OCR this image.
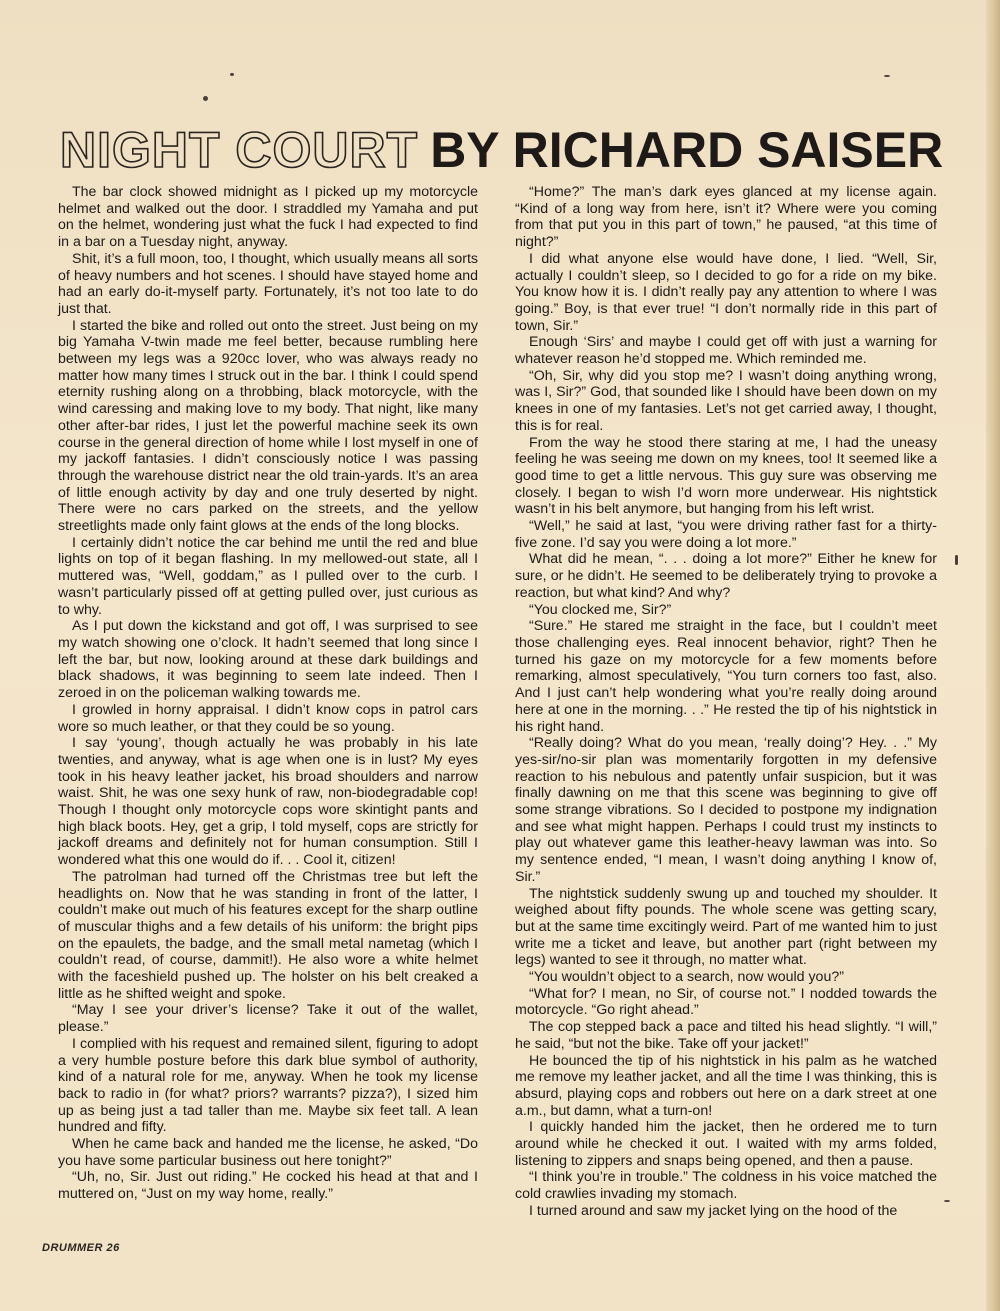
NIGHT COURT BY RICHARD SAISER

The bar clock showed midnight as I picked up my motorcycle helmet and walked out the door. I straddled my Yamaha and put on the helmet, wondering just what the fuck I had expected to find in a bar on a Tuesday night, anyway.

Shit, it’s a full moon, too, I thought, which usually means all sorts of heavy numbers and hot scenes. I should have stayed home and had an early do-it-myself party. Fortunately, it’s not too late to do just that.

I started the bike and rolled out onto the street. Just being on my big Yamaha V-twin made me feel better, because rumbling here between my legs was a 920cc lover, who was always ready no matter how many times I struck out in the bar. I think I could spend eternity rushing along on a throbbing, black motorcycle, with the wind caressing and making love to my body. That night, like many other after-bar rides, I just let the powerful machine seek its own course in the general direction of home while I lost myself in one of my jackoff fantasies. I didn’t consciously notice I was passing through the warehouse district near the old train-yards. It’s an area of little enough activity by day and one truly deserted by night. There were no cars parked on the streets, and the yellow streetlights made only faint glows at the ends of the long blocks.

I certainly didn’t notice the car behind me until the red and blue lights on top of it began flashing. In my mellowed-out state, all I muttered was, “Well, goddam,” as I pulled over to the curb. I wasn’t particularly pissed off at getting pulled over, just curious as to why.

As I put down the kickstand and got off, I was surprised to see my watch showing one o’clock. It hadn’t seemed that long since I left the bar, but now, looking around at these dark buildings and black shadows, it was beginning to seem late indeed. Then I zeroed in on the policeman walking towards me.

I growled in horny appraisal. I didn’t know cops in patrol cars wore so much leather, or that they could be so young.

I say ‘young’, though actually he was probably in his late twenties, and anyway, what is age when one is in lust? My eyes took in his heavy leather jacket, his broad shoulders and narrow waist. Shit, he was one sexy hunk of raw, non-biodegradable cop! Though I thought only motorcycle cops wore skintight pants and high black boots. Hey, get a grip, I told myself, cops are strictly for jackoff dreams and definitely not for human consumption. Still I wondered what this one would do if. . . Cool it, citizen!

The patrolman had turned off the Christmas tree but left the headlights on. Now that he was standing in front of the latter, I couldn’t make out much of his features except for the sharp outline of muscular thighs and a few details of his uniform: the bright pips on the epaulets, the badge, and the small metal nametag (which I couldn’t read, of course, dammit!). He also wore a white helmet with the faceshield pushed up. The holster on his belt creaked a little as he shifted weight and spoke.

“May I see your driver’s license? Take it out of the wallet, please.”

I complied with his request and remained silent, figuring to adopt a very humble posture before this dark blue symbol of authority, kind of a natural role for me, anyway. When he took my license back to radio in (for what? priors? warrants? pizza?), I sized him up as being just a tad taller than me. Maybe six feet tall. A lean hundred and fifty.

When he came back and handed me the license, he asked, “Do you have some particular business out here tonight?”

“Uh, no, Sir. Just out riding.” He cocked his head at that and I muttered on, “Just on my way home, really.”

“Home?” The man’s dark eyes glanced at my license again. “Kind of a long way from here, isn’t it? Where were you coming from that put you in this part of town,” he paused, “at this time of night?”

I did what anyone else would have done, I lied. “Well, Sir, actually I couldn’t sleep, so I decided to go for a ride on my bike. You know how it is. I didn’t really pay any attention to where I was going.” Boy, is that ever true! “I don’t normally ride in this part of town, Sir.”

Enough ‘Sirs’ and maybe I could get off with just a warning for whatever reason he’d stopped me. Which reminded me.

“Oh, Sir, why did you stop me? I wasn’t doing anything wrong, was I, Sir?” God, that sounded like I should have been down on my knees in one of my fantasies. Let’s not get carried away, I thought, this is for real.

From the way he stood there staring at me, I had the uneasy feeling he was seeing me down on my knees, too! It seemed like a good time to get a little nervous. This guy sure was observing me closely. I began to wish I’d worn more underwear. His nightstick wasn’t in his belt anymore, but hanging from his left wrist.

“Well,” he said at last, “you were driving rather fast for a thirty-five zone. I’d say you were doing a lot more.”

What did he mean, “. . . doing a lot more?” Either he knew for sure, or he didn’t. He seemed to be deliberately trying to provoke a reaction, but what kind? And why?

“You clocked me, Sir?”

“Sure.” He stared me straight in the face, but I couldn’t meet those challenging eyes. Real innocent behavior, right? Then he turned his gaze on my motorcycle for a few moments before remarking, almost speculatively, “You turn corners too fast, also. And I just can’t help wondering what you’re really doing around here at one in the morning. . .” He rested the tip of his nightstick in his right hand.

“Really doing? What do you mean, ‘really doing’? Hey. . .” My yes-sir/no-sir plan was momentarily forgotten in my defensive reaction to his nebulous and patently unfair suspicion, but it was finally dawning on me that this scene was beginning to give off some strange vibrations. So I decided to postpone my indignation and see what might happen. Perhaps I could trust my instincts to play out whatever game this leather-heavy lawman was into. So my sentence ended, “I mean, I wasn’t doing anything I know of, Sir.”

The nightstick suddenly swung up and touched my shoulder. It weighed about fifty pounds. The whole scene was getting scary, but at the same time excitingly weird. Part of me wanted him to just write me a ticket and leave, but another part (right between my legs) wanted to see it through, no matter what.

“You wouldn’t object to a search, now would you?”

“What for? I mean, no Sir, of course not.” I nodded towards the motorcycle. “Go right ahead.”

The cop stepped back a pace and tilted his head slightly. “I will,” he said, “but not the bike. Take off your jacket!”

He bounced the tip of his nightstick in his palm as he watched me remove my leather jacket, and all the time I was thinking, this is absurd, playing cops and robbers out here on a dark street at one a.m., but damn, what a turn-on!

I quickly handed him the jacket, then he ordered me to turn around while he checked it out. I waited with my arms folded, listening to zippers and snaps being opened, and then a pause.

“I think you’re in trouble.” The coldness in his voice matched the cold crawlies invading my stomach.

I turned around and saw my jacket lying on the hood of the

DRUMMER 26
